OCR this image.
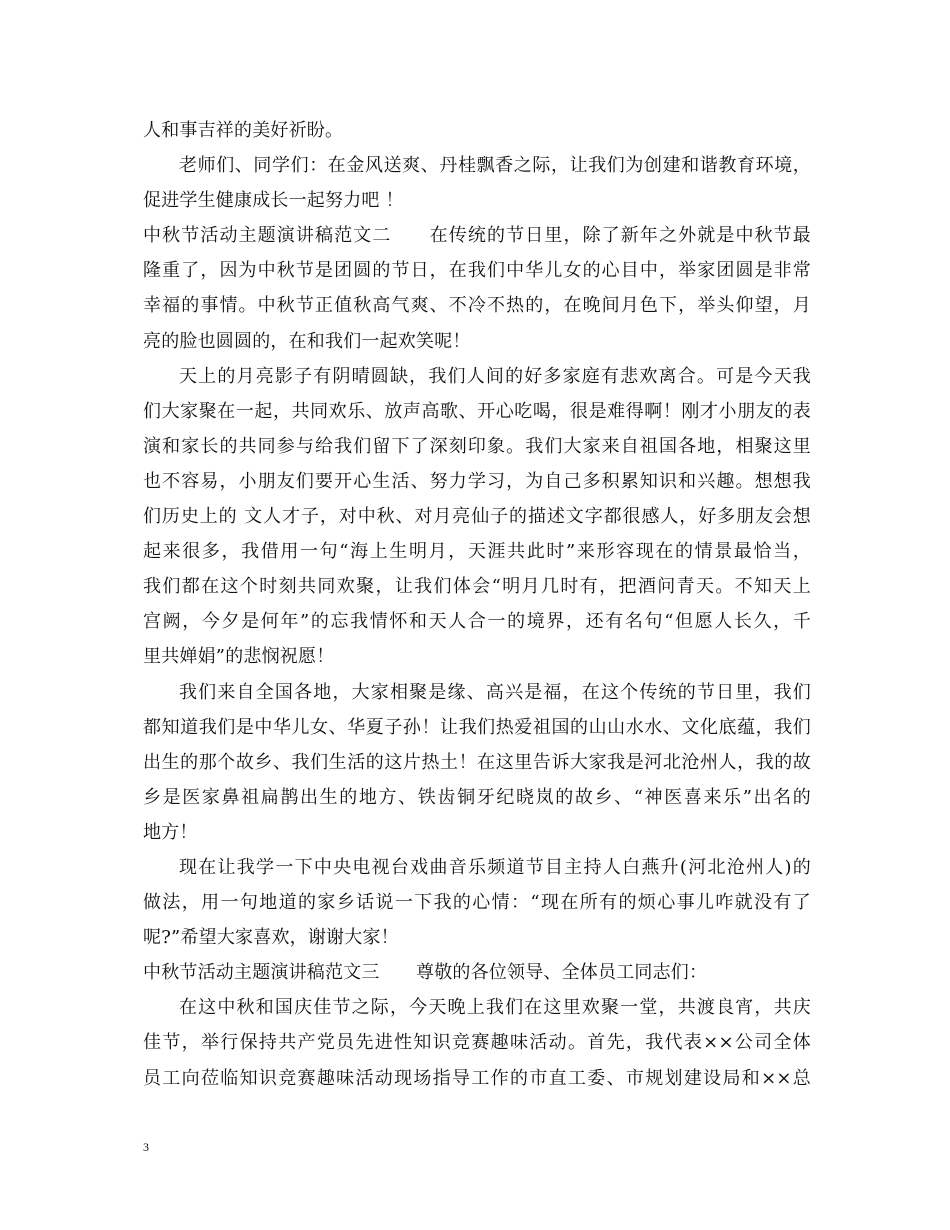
人和事吉祥的美好祈盼。
老师们、同学们：在金风送爽、丹桂飘香之际，让我们为创建和谐教育环境，
促进学生健康成长一起努力吧 ！
中秋节活动主题演讲稿范文二　　在传统的节日里，除了新年之外就是中秋节最
隆重了，因为中秋节是团圆的节日，在我们中华儿女的心目中，举家团圆是非常
幸福的事情。中秋节正值秋高气爽、不冷不热的，在晚间月色下，举头仰望，月
亮的脸也圆圆的，在和我们一起欢笑呢！
天上的月亮影子有阴晴圆缺，我们人间的好多家庭有悲欢离合。可是今天我
们大家聚在一起，共同欢乐、放声高歌、开心吃喝，很是难得啊！刚才小朋友的表
演和家长的共同参与给我们留下了深刻印象。我们大家来自祖国各地，相聚这里
也不容易，小朋友们要开心生活、努力学习，为自己多积累知识和兴趣。想想我
们历史上的 文人才子，对中秋、对月亮仙子的描述文字都很感人，好多朋友会想
起来很多，我借用一句“海上生明月，天涯共此时”来形容现在的情景最恰当，
我们都在这个时刻共同欢聚，让我们体会“明月几时有，把酒问青天。不知天上
宫阙，今夕是何年”的忘我情怀和天人合一的境界，还有名句“但愿人长久，千
里共婵娟”的悲悯祝愿！
我们来自全国各地，大家相聚是缘、高兴是福，在这个传统的节日里，我们
都知道我们是中华儿女、华夏子孙！让我们热爱祖国的山山水水、文化底蕴，我们
出生的那个故乡、我们生活的这片热土！在这里告诉大家我是河北沧州人，我的故
乡是医家鼻祖扁鹊出生的地方、铁齿铜牙纪晓岚的故乡、“神医喜来乐”出名的
地方！
现在让我学一下中央电视台戏曲音乐频道节目主持人白燕升(河北沧州人)的
做法，用一句地道的家乡话说一下我的心情：“现在所有的烦心事儿咋就没有了
呢?”希望大家喜欢，谢谢大家！
中秋节活动主题演讲稿范文三　　尊敬的各位领导、全体员工同志们：
在这中秋和国庆佳节之际，今天晚上我们在这里欢聚一堂，共渡良宵，共庆
佳节，举行保持共产党员先进性知识竞赛趣味活动。首先，我代表××公司全体
员工向莅临知识竞赛趣味活动现场指导工作的市直工委、市规划建设局和××总
3
